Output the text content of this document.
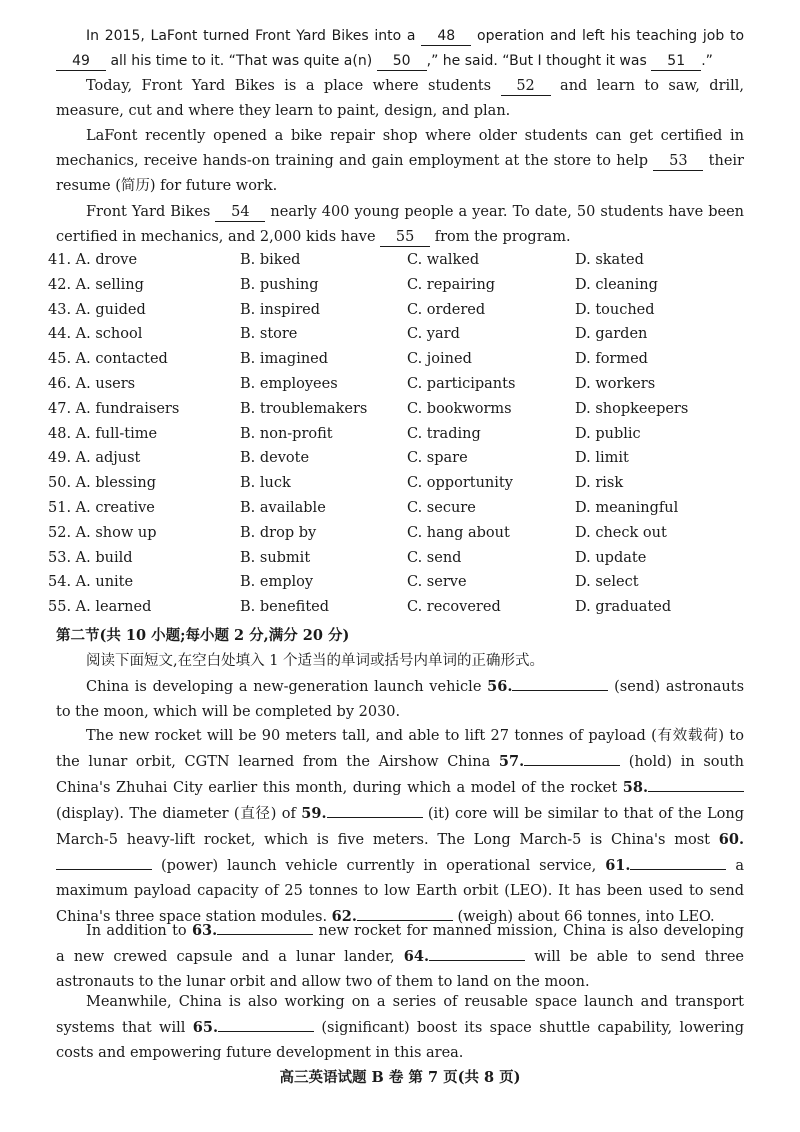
In 2015, LaFont turned Front Yard Bikes into a 48 operation and left his teaching job to 49 all his time to it. “That was quite a(n) 50 ,” he said. “But I thought it was 51 .”

Today, Front Yard Bikes is a place where students 52 and learn to saw, drill, measure, cut and where they learn to paint, design, and plan.

LaFont recently opened a bike repair shop where older students can get certified in mechanics, receive hands-on training and gain employment at the store to help 53 their resume (简历) for future work.

Front Yard Bikes 54 nearly 400 young people a year. To date, 50 students have been certified in mechanics, and 2,000 kids have 55 from the program.

41. A. drove	B. biked	C. walked	D. skated
42. A. selling	B. pushing	C. repairing	D. cleaning
43. A. guided	B. inspired	C. ordered	D. touched
44. A. school	B. store	C. yard	D. garden
45. A. contacted	B. imagined	C. joined	D. formed
46. A. users	B. employees	C. participants	D. workers
47. A. fundraisers	B. troublemakers	C. bookworms	D. shopkeepers
48. A. full-time	B. non-profit	C. trading	D. public
49. A. adjust	B. devote	C. spare	D. limit
50. A. blessing	B. luck	C. opportunity	D. risk
51. A. creative	B. available	C. secure	D. meaningful
52. A. show up	B. drop by	C. hang about	D. check out
53. A. build	B. submit	C. send	D. update
54. A. unite	B. employ	C. serve	D. select
55. A. learned	B. benefited	C. recovered	D. graduated
第二节(共 10 小题;每小题 2 分,满分 20 分)
阅读下面短文,在空白处填入 1 个适当的单词或括号内单词的正确形式。

China is developing a new-generation launch vehicle 56.	(send) astronauts to the moon, which will be completed by 2030.

The new rocket will be 90 meters tall, and able to lift 27 tonnes of payload (有效载荷) to the lunar orbit, CGTN learned from the Airshow China 57.	(hold) in south China's Zhuhai City earlier this month, during which a model of the rocket 58. (display). The diameter (直径) of 59.	(it) core will be similar to that of the Long March-5 heavy-lift rocket, which is five meters. The Long March-5 is China's most 60. (power) launch vehicle currently in operational service, 61.	a maximum payload capacity of 25 tonnes to low Earth orbit (LEO). It has been used to send China's three space station modules. 62.	(weigh) about 66 tonnes, into LEO.

In addition to 63.	new rocket for manned mission, China is also developing a new crewed capsule and a lunar lander, 64.	will be able to send three astronauts to the lunar orbit and allow two of them to land on the moon.

Meanwhile, China is also working on a series of reusable space launch and transport systems that will 65.	(significant) boost its space shuttle capability, lowering costs and empowering future development in this area.

高三英语试题 B 卷 第 7 页(共 8 页)
